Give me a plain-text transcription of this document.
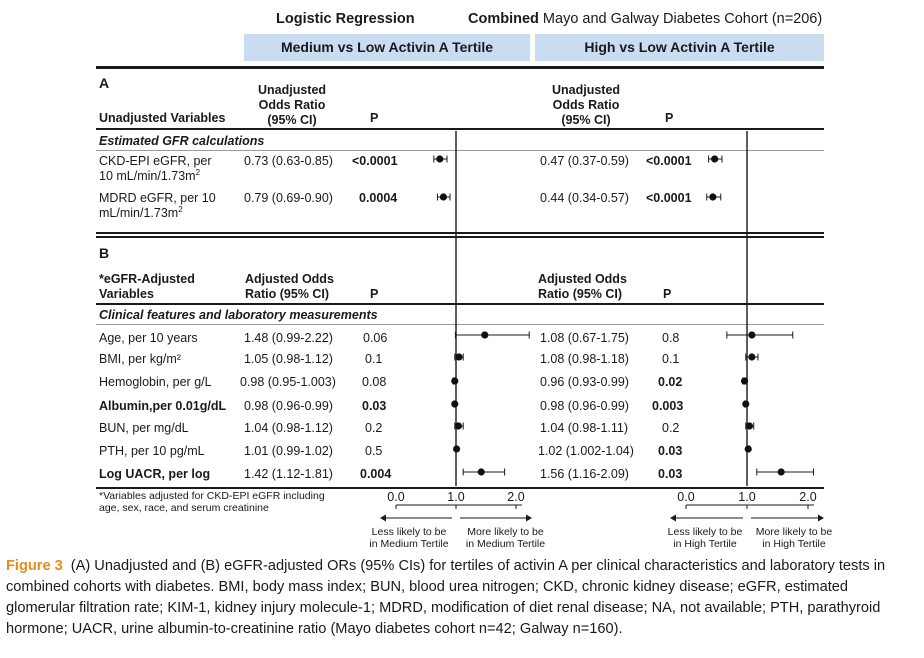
Logistic Regression	Combined Mayo and Galway Diabetes Cohort (n=206)
Medium vs Low Activin A Tertile	High vs Low Activin A Tertile
A
Unadjusted Variables
Unadjusted
Odds Ratio
(95% CI)	P
Unadjusted
Odds Ratio
(95% CI)	P
Estimated GFR calculations
CKD-EPI eGFR, per
10 $mL/\min/1.73m^2$
0.73 (0.63-0.85) <0.0001	0.47 (0.37-0.59) <0.0001
MDRD eGFR, per 10
$mL/\min/1.73m^2$
0.79 (0.69-0.90) 0.0004	0.44 (0.34-0.57) <0.0001
B
*eGFR-Adjusted
Variables
Adjusted Odds
Ratio (95% CI)	P
Adjusted Odds
Ratio (95% CI)	P
Clinical features and laboratory measurements
Age, per 10 years	1.48 (0.99-2.22) 0.06	1.08 (0.67-1.75)	0.8
BMI, per kg/m²	1.05 (0.98-1.12)	0.1	1.08 (0.98-1.18)	0.1
Hemoglobin, per g/L 0.98 (0.95-1.003) 0.08	0.96 (0.93-0.99) 0.02
Albumin,per 0.01g/dL 0.98 (0.96-0.99) 0.03	0.98 (0.96-0.99) 0.003
BUN, per mg/dL	1.04 (0.98-1.12)	0.2	1.04 (0.98-1.11)	0.2
PTH, per 10 pg/mL	1.01 (0.99-1.02)	0.5	1.02 (1.002-1.04) 0.03
Log UACR, per log	1.42 (1.12-1.81) 0.004	1.56 (1.16-2.09) 0.03
*Variables adjusted for CKD-EPI eGFR including
age, sex, race, and serum creatinine
0.0	1.0	2.0	0.0	1.0	2.0
Less likely to be
in Medium Tertile
More likely to be
in Medium Tertile
Less likely to be
in High Tertile
More likely to be
in High Tertile
Figure 3 (A) Unadjusted and (B) eGFR-adjusted ORs (95% CIs) for tertiles of activin A per clinical characteristics and laboratory tests in combined cohorts with diabetes. BMI, body mass index; BUN, blood urea nitrogen; CKD, chronic kidney disease; eGFR, estimated glomerular filtration rate; KIM-1, kidney injury molecule-1; MDRD, modification of diet renal disease; NA, not available; PTH, parathyroid hormone; UACR, urine albumin-to-creatinine ratio (Mayo diabetes cohort n=42; Galway n=160).
